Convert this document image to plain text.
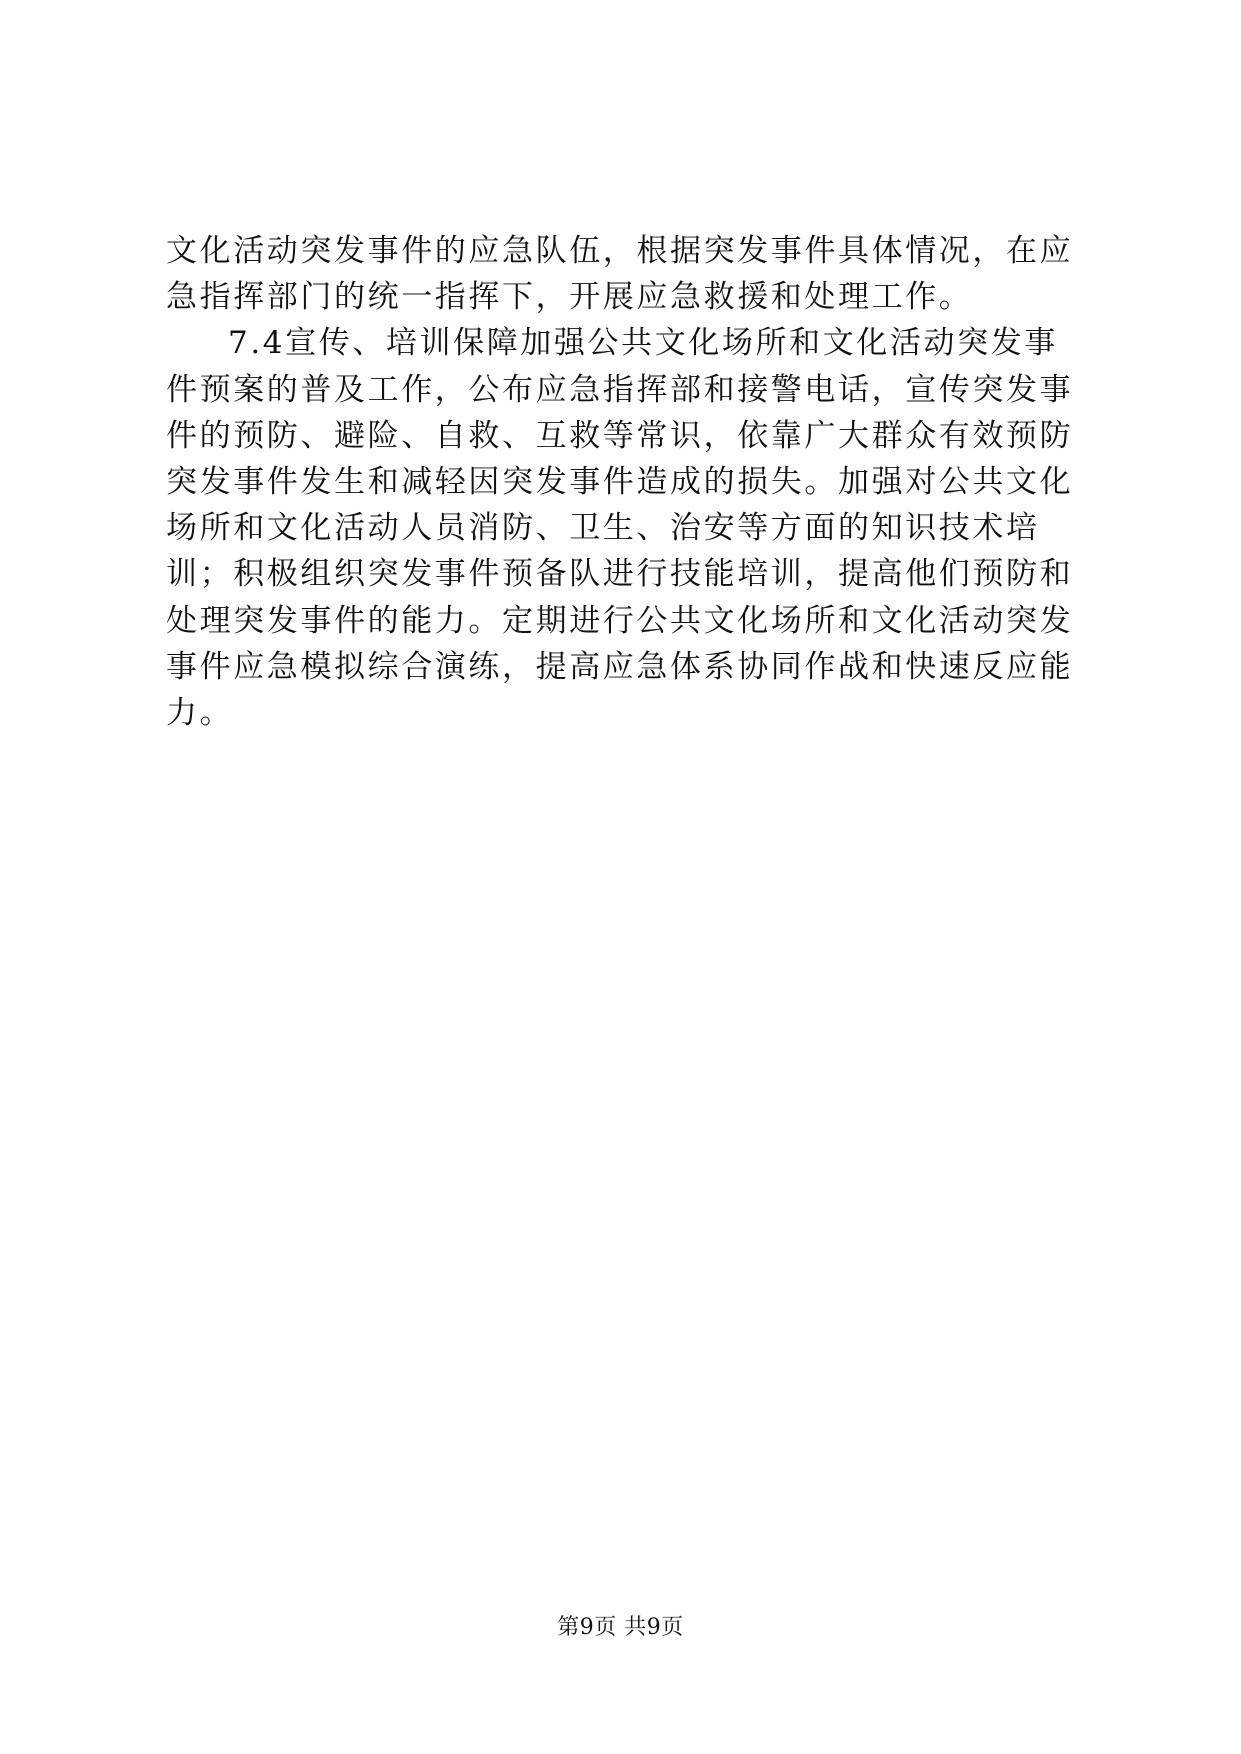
文化活动突发事件的应急队伍，根据突发事件具体情况，在应急指挥部门的统一指挥下，开展应急救援和处理工作。

7.4宣传、培训保障加强公共文化场所和文化活动突发事件预案的普及工作，公布应急指挥部和接警电话，宣传突发事件的预防、避险、自救、互救等常识，依靠广大群众有效预防突发事件发生和减轻因突发事件造成的损失。加强对公共文化场所和文化活动人员消防、卫生、治安等方面的知识技术培训；积极组织突发事件预备队进行技能培训，提高他们预防和处理突发事件的能力。定期进行公共文化场所和文化活动突发事件应急模拟综合演练，提高应急体系协同作战和快速反应能力。

第9页 共9页
